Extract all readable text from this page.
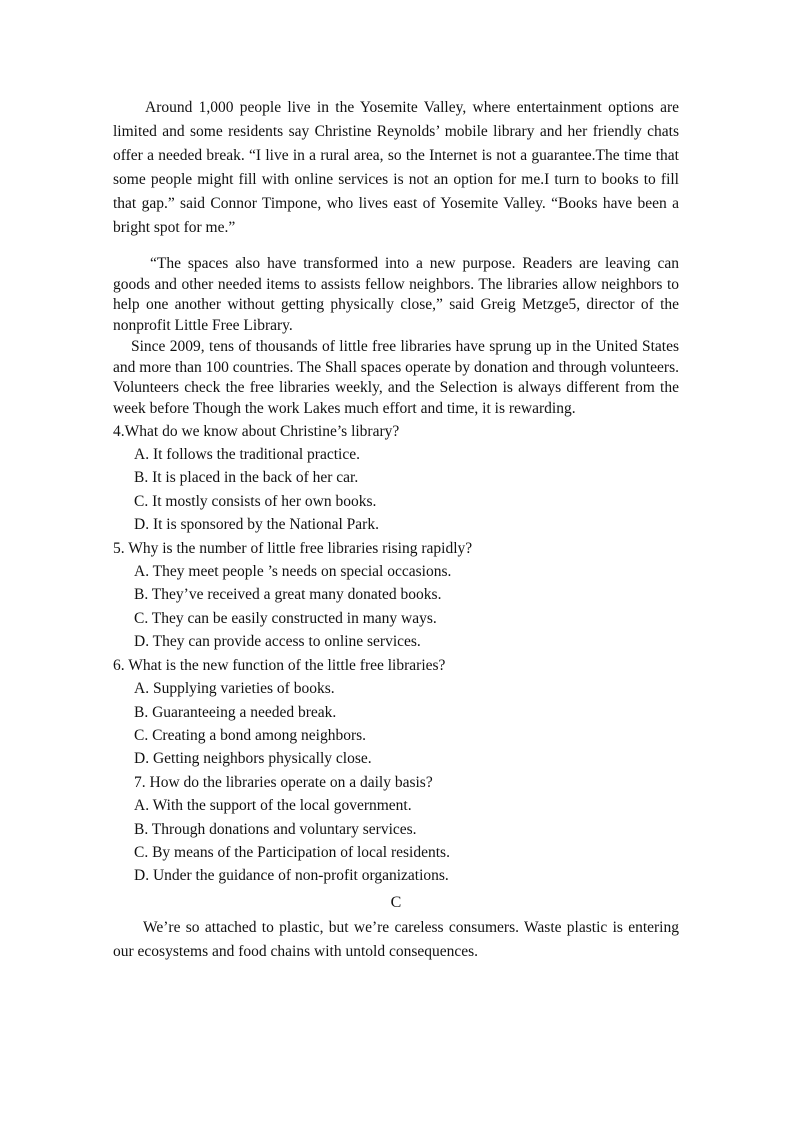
Around 1,000 people live in the Yosemite Valley, where entertainment options are limited and some residents say Christine Reynolds’ mobile library and her friendly chats offer a needed break. “I live in a rural area, so the Internet is not a guarantee.The time that some people might fill with online services is not an option for me.I turn to books to fill that gap.” said Connor Timpone, who lives east of Yosemite Valley. “Books have been a bright spot for me.”

“The spaces also have transformed into a new purpose. Readers are leaving can goods and other needed items to assists fellow neighbors. The libraries allow neighbors to help one another without getting physically close,” said Greig Metzge5, director of the nonprofit Little Free Library.

Since 2009, tens of thousands of little free libraries have sprung up in the United States and more than 100 countries. The Shall spaces operate by donation and through volunteers. Volunteers check the free libraries weekly, and the Selection is always different from the week before Though the work Lakes much effort and time, it is rewarding.

4.What do we know about Christine’s library?

A. It follows the traditional practice.

B. It is placed in the back of her car.

C. It mostly consists of her own books.

D. It is sponsored by the National Park.

5. Why is the number of little free libraries rising rapidly?

A. They meet people ’s needs on special occasions.

B. They’ve received a great many donated books.

C. They can be easily constructed in many ways.

D. They can provide access to online services.

6. What is the new function of the little free libraries?

A. Supplying varieties of books.

B. Guaranteeing a needed break.

C. Creating a bond among neighbors.

D. Getting neighbors physically close.

7. How do the libraries operate on a daily basis?

A. With the support of the local government.

B. Through donations and voluntary services.

C. By means of the Participation of local residents.

D. Under the guidance of non-profit organizations.

C

We’re so attached to plastic, but we’re careless consumers. Waste plastic is entering our ecosystems and food chains with untold consequences.
